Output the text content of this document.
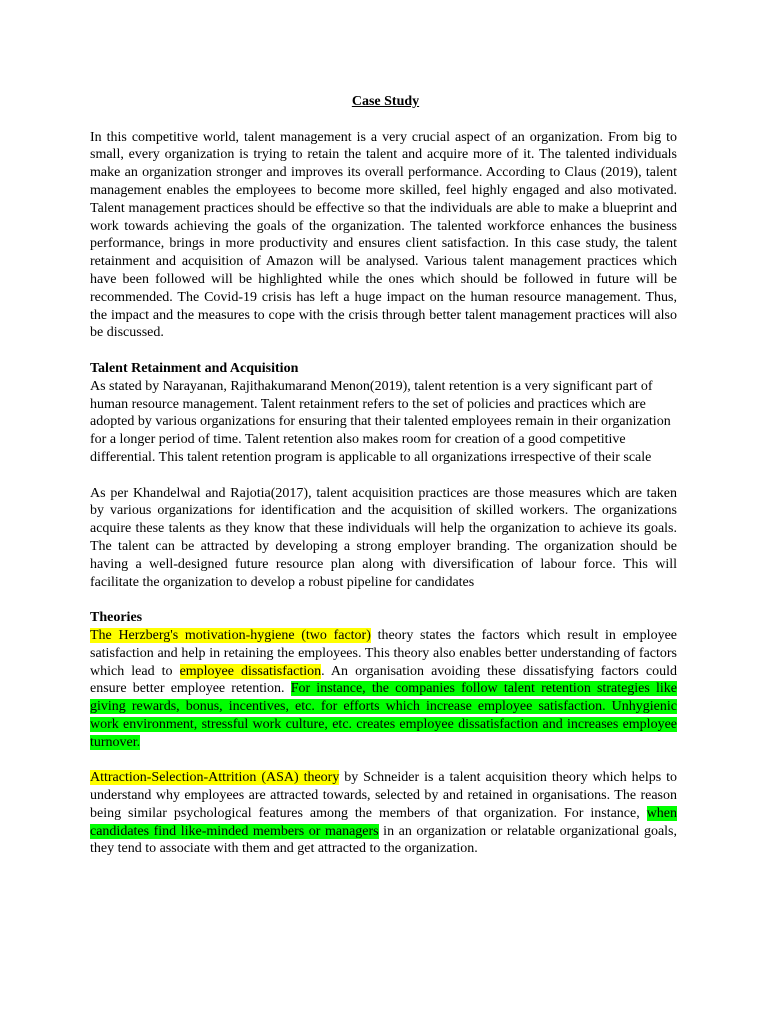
Case Study

In this competitive world, talent management is a very crucial aspect of an organization. From big to small, every organization is trying to retain the talent and acquire more of it. The talented individuals make an organization stronger and improves its overall performance. According to Claus (2019), talent management enables the employees to become more skilled, feel highly engaged and also motivated. Talent management practices should be effective so that the individuals are able to make a blueprint and work towards achieving the goals of the organization. The talented workforce enhances the business performance, brings in more productivity and ensures client satisfaction. In this case study, the talent retainment and acquisition of Amazon will be analysed. Various talent management practices which have been followed will be highlighted while the ones which should be followed in future will be recommended. The Covid-19 crisis has left a huge impact on the human resource management. Thus, the impact and the measures to cope with the crisis through better talent management practices will also be discussed.

Talent Retainment and Acquisition

As stated by Narayanan, Rajithakumarand Menon(2019), talent retention is a very significant part of human resource management. Talent retainment refers to the set of policies and practices which are adopted by various organizations for ensuring that their talented employees remain in their organization for a longer period of time. Talent retention also makes room for creation of a good competitive differential. This talent retention program is applicable to all organizations irrespective of their scale

As per Khandelwal and Rajotia(2017), talent acquisition practices are those measures which are taken by various organizations for identification and the acquisition of skilled workers. The organizations acquire these talents as they know that these individuals will help the organization to achieve its goals. The talent can be attracted by developing a strong employer branding. The organization should be having a well-designed future resource plan along with diversification of labour force. This will facilitate the organization to develop a robust pipeline for candidates

Theories

The Herzberg's motivation-hygiene (two factor) theory states the factors which result in employee satisfaction and help in retaining the employees. This theory also enables better understanding of factors which lead to employee dissatisfaction. An organisation avoiding these dissatisfying factors could ensure better employee retention. For instance, the companies follow talent retention strategies like giving rewards, bonus, incentives, etc. for efforts which increase employee satisfaction. Unhygienic work environment, stressful work culture, etc. creates employee dissatisfaction and increases employee turnover.

Attraction-Selection-Attrition (ASA) theory by Schneider is a talent acquisition theory which helps to understand why employees are attracted towards, selected by and retained in organisations. The reason being similar psychological features among the members of that organization. For instance, when candidates find like-minded members or managers in an organization or relatable organizational goals, they tend to associate with them and get attracted to the organization.
